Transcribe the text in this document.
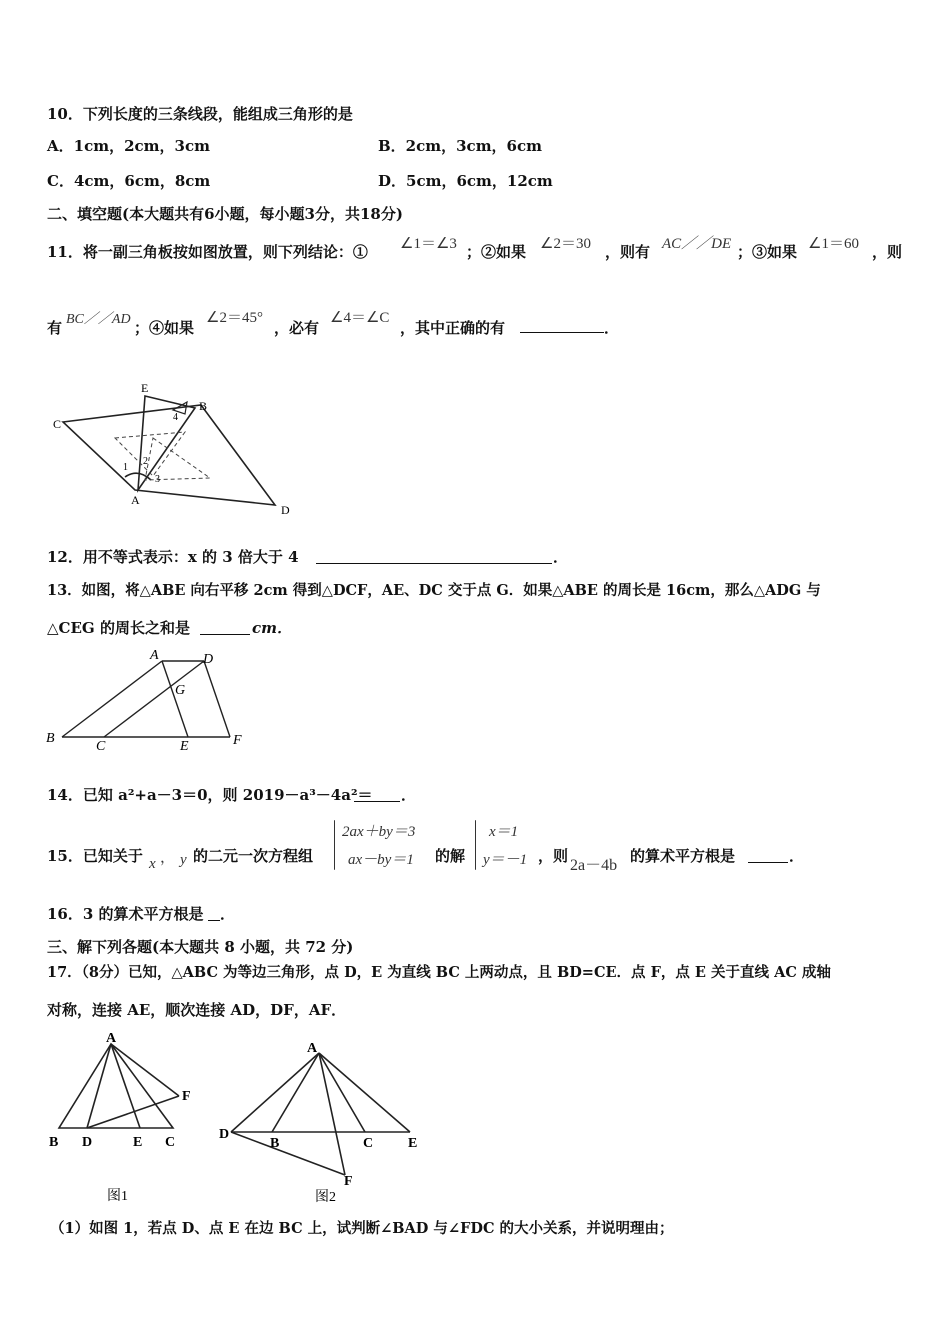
10．下列长度的三条线段，能组成三角形的是
A．1cm，2cm，3cm	B．2cm，3cm，6cm
C．4cm，6cm，8cm	D．5cm，6cm，12cm
二、填空题(本大题共有6小题，每小题3分，共18分)
11．将一副三角板按如图放置，则下列结论：① ∠1＝∠3 ；②如果 ∠2＝30 ，则有 AC／／DE ；③如果 ∠1＝60 ，则
有 BC／／AD ；④如果
∠2＝45°
，必有
∠4＝∠C
，其中正确的有	．
E
B
C
A
D
1
2
3
4
12．用不等式表示：x 的 3 倍大于 4	．
13．如图，将△ABE 向右平移 2cm 得到△DCF，AE、DC 交于点 G．如果△ABE 的周长是 16cm，那么△ADG 与
△CEG 的周长之和是	cm．
A	D
G
B
C	E	F
14．已知 a²+a－3＝0，则 2019－a³－4a²＝ ．
15．已知关于 x ， y 的二元一次方程组
2ax＋by＝3
ax－by＝1 的解
x＝1
y＝－1 ，则
2a－4b
的算术平方根是	．
16．3 的算术平方根是 ．
三、解下列各题(本大题共 8 小题，共 72 分)
17．（8分）已知，△ABC 为等边三角形，点 D，E 为直线 BC 上两动点，且 BD=CE．点 F，点 E 关于直线 AC 成轴
对称，连接 AE，顺次连接 AD，DF，AF．
A
F
B D	E C
图1
A
D
B	C E
F
图2
（1）如图 1，若点 D、点 E 在边 BC 上，试判断∠BAD 与∠FDC 的大小关系，并说明理由；
